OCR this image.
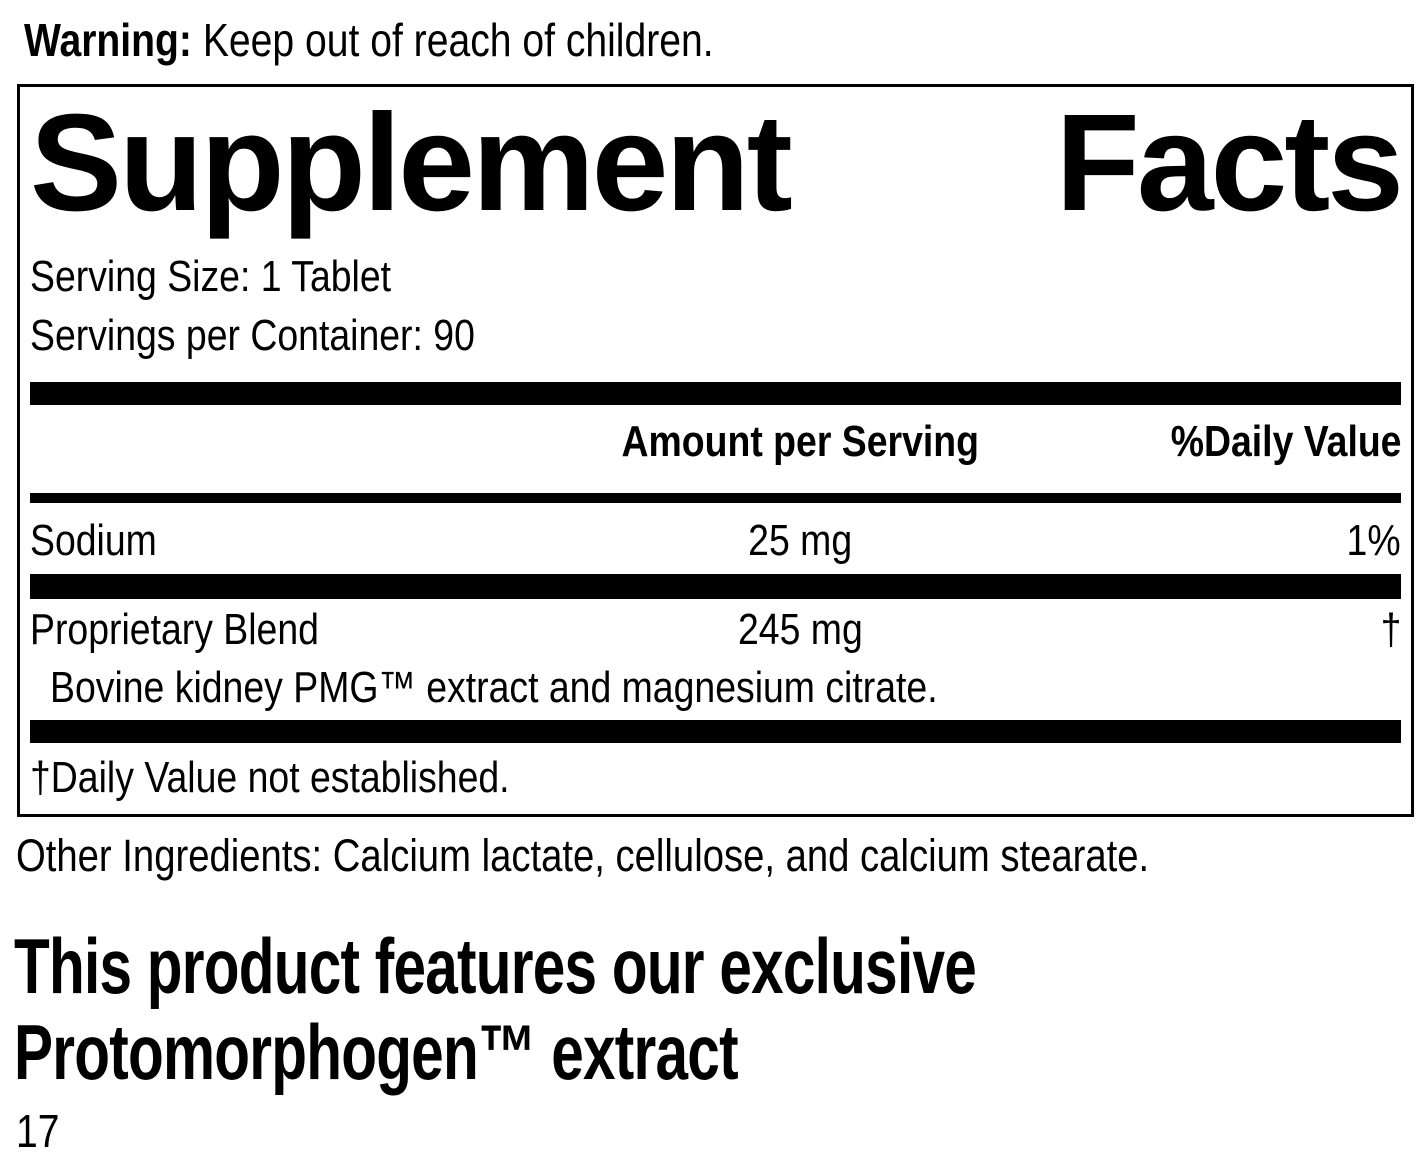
Warning: Keep out of reach of children.

Supplement Facts

Serving Size: 1 Tablet

Servings per Container: 90

Amount per Serving	%Daily Value
Sodium	25 mg	1%
Proprietary Blend	245 mg	†

Bovine kidney PMG™ extract and magnesium citrate.

†Daily Value not established.

Other Ingredients: Calcium lactate, cellulose, and calcium stearate.

This product features our exclusive
Protomorphogen™ extract

17
